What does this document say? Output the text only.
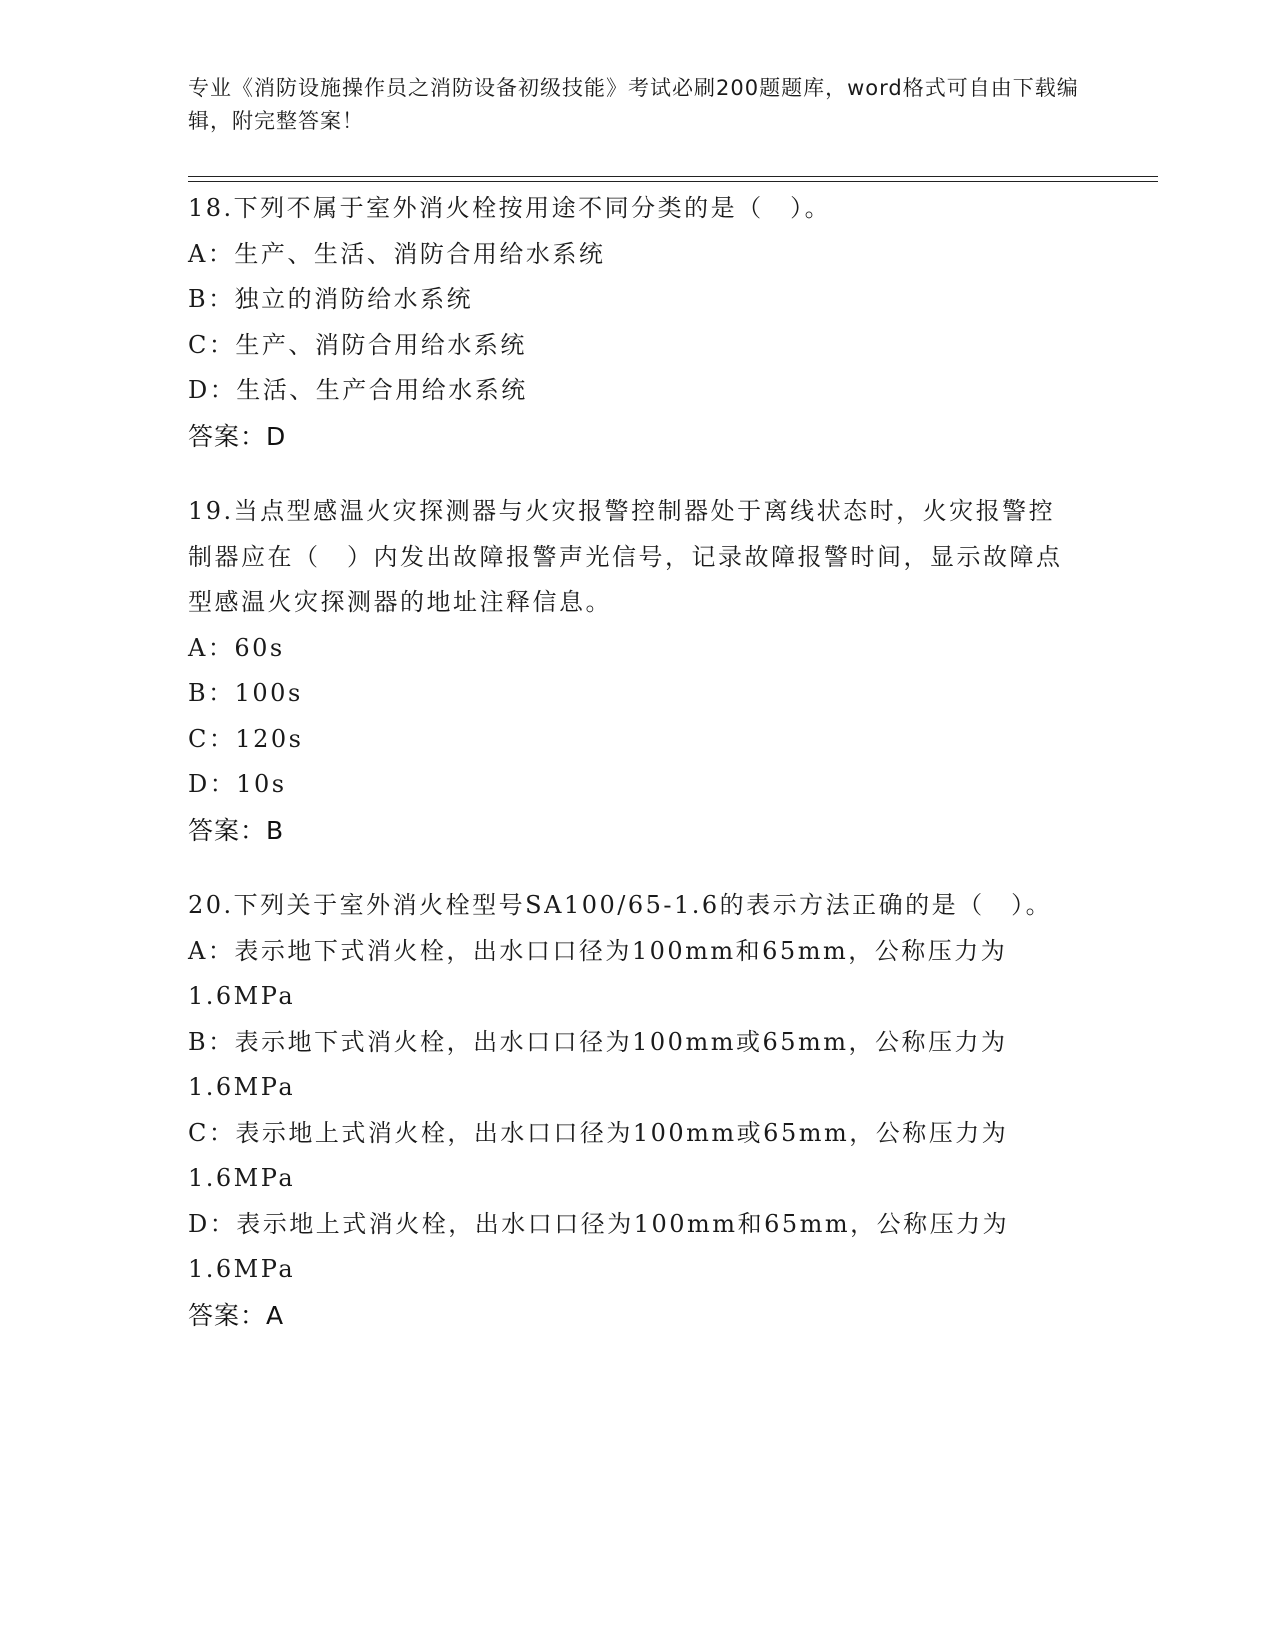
专业《消防设施操作员之消防设备初级技能》考试必刷200题题库，word格式可自由下载编辑，附完整答案！
18.下列不属于室外消火栓按用途不同分类的是（　）。
A：生产、生活、消防合用给水系统
B：独立的消防给水系统
C：生产、消防合用给水系统
D：生活、生产合用给水系统
答案：D
19.当点型感温火灾探测器与火灾报警控制器处于离线状态时，火灾报警控制器应在（　）内发出故障报警声光信号，记录故障报警时间，显示故障点型感温火灾探测器的地址注释信息。
A：60s
B：100s
C：120s
D：10s
答案：B
20.下列关于室外消火栓型号SA100/65-1.6的表示方法正确的是（　）。
A：表示地下式消火栓，出水口口径为100mm和65mm，公称压力为1.6MPa
B：表示地下式消火栓，出水口口径为100mm或65mm，公称压力为1.6MPa
C：表示地上式消火栓，出水口口径为100mm或65mm，公称压力为1.6MPa
D：表示地上式消火栓，出水口口径为100mm和65mm，公称压力为1.6MPa
答案：A
